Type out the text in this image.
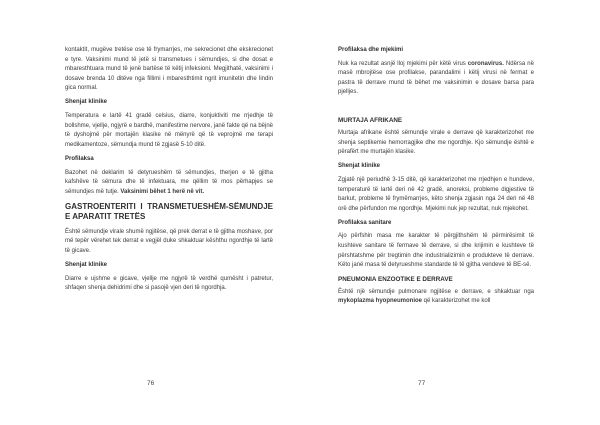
kontaktit, mugëve tretëse ose të frymarrjes, me sekrecionet dhe ekskrecionet e tyre. Vaksinimi mund të jetë si transmetues i sëmundjes, si dhe dosat e mbaresthtuara mund të jenë bartëse të këtij infeksioni. Megjithatë, vaksinimi i dosave brenda 10 ditëve nga fillimi i mbaresthtimit ngrit imunitetin dhe lindin gica normal.

Shenjat klinike

Temperatura e lartë 41 gradë celsius, diarre, konjuktiviti me rrjedhje të bollshme, vjellje, ngjyrë e bardhë, manifestime nervore, janë fakte që na bëjnë të dyshojmë për mortajën klasike në mënyrë që të veprojmë me terapi medikamentoze, sëmundja mund të zgjasë 5-10 ditë.

Profilaksa

Bazohet në deklarim të detyrueshëm të sëmundjes, therjen e të gjitha kafshëve të sëmura dhe të infektuara, me qëllim të mos përhapjes se sëmundjes më tutje. Vaksinimi bëhet 1 herë në vit.

GASTROENTERITI I TRANSMETUESHËM-SËMUNDJE E APARATIT TRETËS

Është sëmundje virale shumë ngjitëse, që prek derrat e të gjitha moshave, por më tepër vërehet tek derrat e vegjël duke shkaktuar kështhu ngordhje të lartë të gicave.

Shenjat klinike

Diarre e ujshme e gicave, vjellje me ngjyrë të verdhë qumësht i patretur, shfaqen shenja dehidrimi dhe si pasojë vjen deri të ngordhja.

76
Profilaksa dhe mjekimi

Nuk ka rezultat asnjë lloj mjekimi për këtë virus coronavirus. Ndërsa në masë mbrojtëse ose profilakse, parandalimi i këtij virusi në fermat e pastra të derrave mund të bëhet me vaksinimin e dosave barsa para pjelljes.

MURTAJA AFRIKANE

Murtaja afrikane është sëmundje virale e derrave që karakterizohet me shenja septikemie hemorragjike dhe me ngordhje. Kjo sëmundje është e përafërt me murtajën klasike.

Shenjat klinike

Zgjatë një periudhë 3-15 ditë, që karakterizohet me rrjedhjen e hundeve, temperaturë të lartë deri në 42 gradë, anoreksi, probleme digjestive të barkut, probleme të frymëmarrjes, këto shenja zgjasin nga 24 deri në 48 orë dhe përfundon me ngordhje. Mjekimi nuk jep rezultat, nuk mjekohet.

Profilaksa sanitare

Ajo përfshin masa me karakter të përgjithshëm të përmirësimit të kushteve sanitare të fermave të derrave, si dhe krijimin e kushteve të përshtatshme për tregtimin dhe industrializimin e produkteve të derrave. Këto janë masa të detyrueshme standarde të të gjitha vendeve të BE-së.

PNEUMONIA ENZOOTIKE E DERRAVE

Është një sëmundje pulmonare ngjitëse e derrave, e shkaktuar nga mykoplazma hyopneumonioe që karakterizohet me koll

77
